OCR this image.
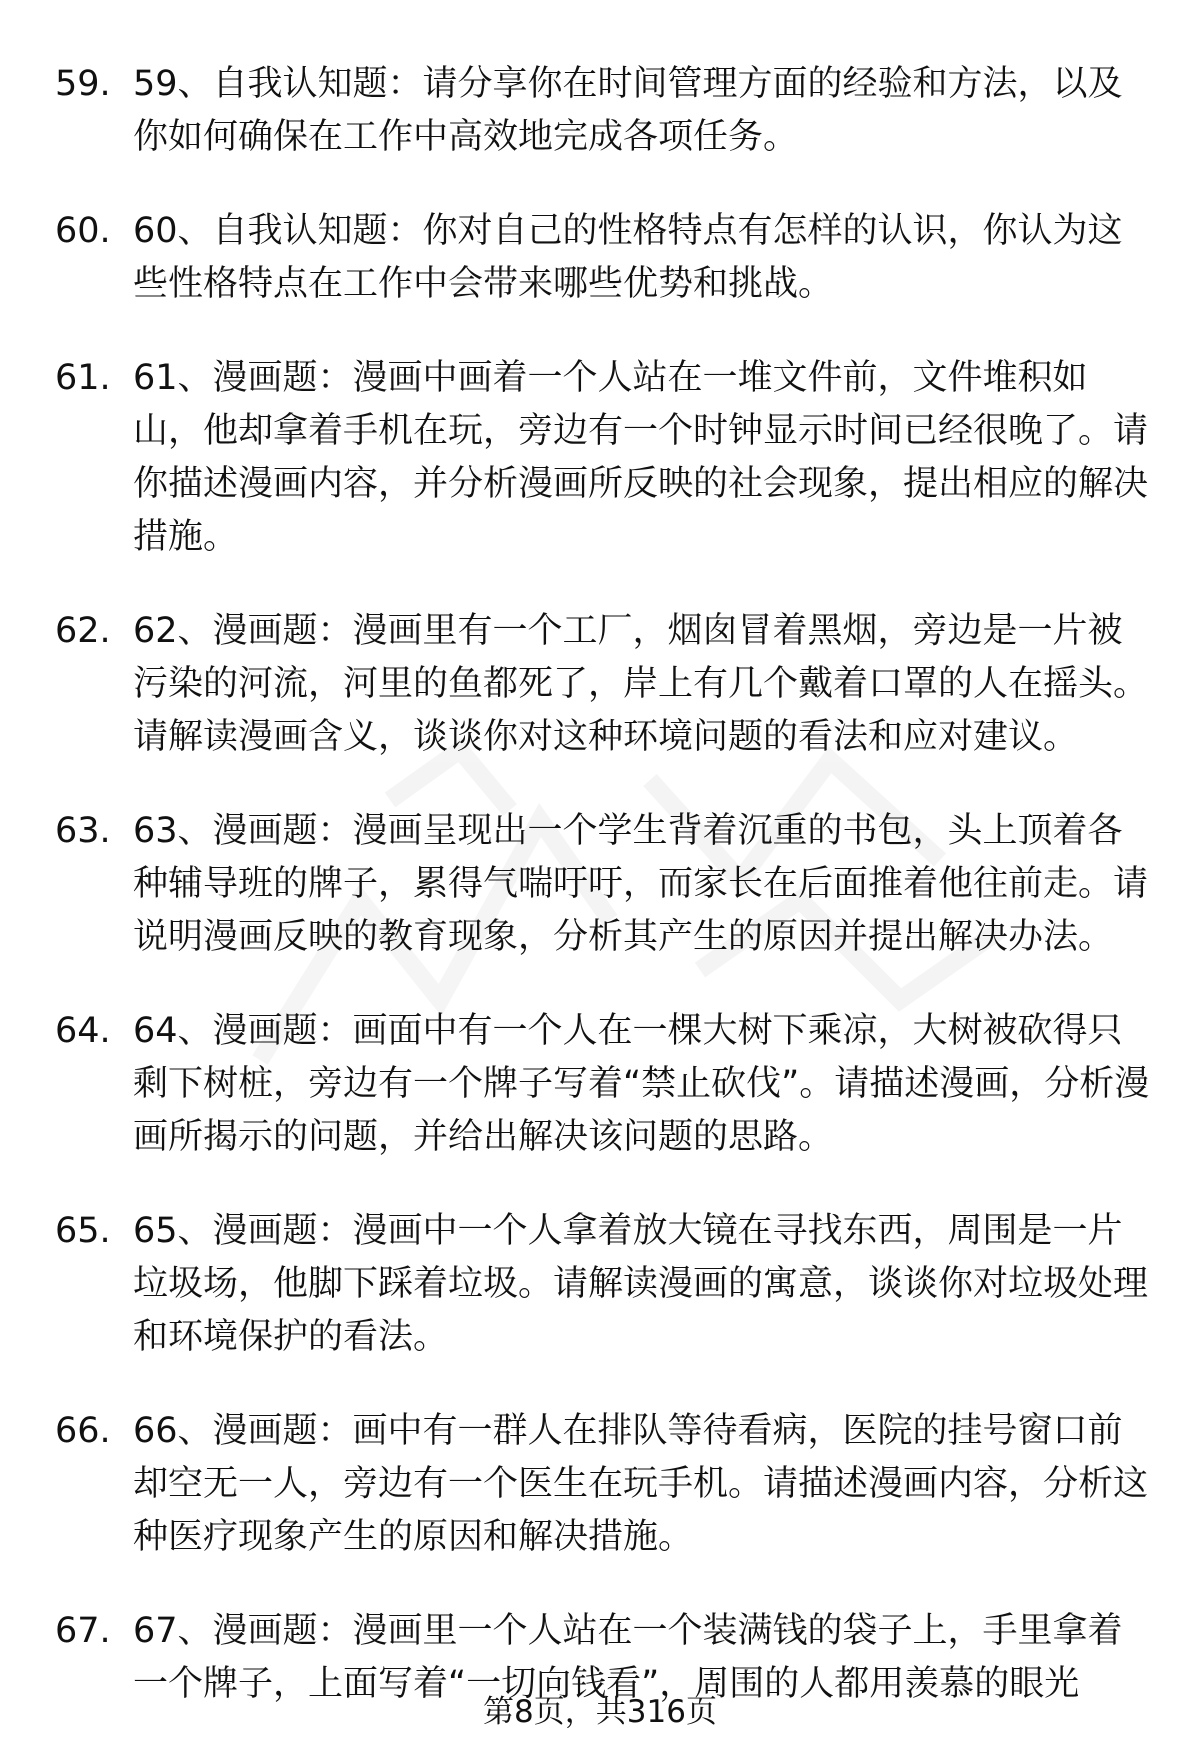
59. 59、自我认知题：请分享你在时间管理方面的经验和方法，以及你如何确保在工作中高效地完成各项任务。
60. 60、自我认知题：你对自己的性格特点有怎样的认识，你认为这些性格特点在工作中会带来哪些优势和挑战。
61. 61、漫画题：漫画中画着一个人站在一堆文件前，文件堆积如山，他却拿着手机在玩，旁边有一个时钟显示时间已经很晚了。请你描述漫画内容，并分析漫画所反映的社会现象，提出相应的解决措施。
62. 62、漫画题：漫画里有一个工厂，烟囱冒着黑烟，旁边是一片被污染的河流，河里的鱼都死了，岸上有几个戴着口罩的人在摇头。请解读漫画含义，谈谈你对这种环境问题的看法和应对建议。
63. 63、漫画题：漫画呈现出一个学生背着沉重的书包，头上顶着各种辅导班的牌子，累得气喘吁吁，而家长在后面推着他往前走。请说明漫画反映的教育现象，分析其产生的原因并提出解决办法。
64. 64、漫画题：画面中有一个人在一棵大树下乘凉，大树被砍得只剩下树桩，旁边有一个牌子写着“禁止砍伐”。请描述漫画，分析漫画所揭示的问题，并给出解决该问题的思路。
65. 65、漫画题：漫画中一个人拿着放大镜在寻找东西，周围是一片垃圾场，他脚下踩着垃圾。请解读漫画的寓意，谈谈你对垃圾处理和环境保护的看法。
66. 66、漫画题：画中有一群人在排队等待看病，医院的挂号窗口前却空无一人，旁边有一个医生在玩手机。请描述漫画内容，分析这种医疗现象产生的原因和解决措施。
67. 67、漫画题：漫画里一个人站在一个装满钱的袋子上，手里拿着一个牌子，上面写着“一切向钱看”，周围的人都用羡慕的眼光
第8页，共316页
